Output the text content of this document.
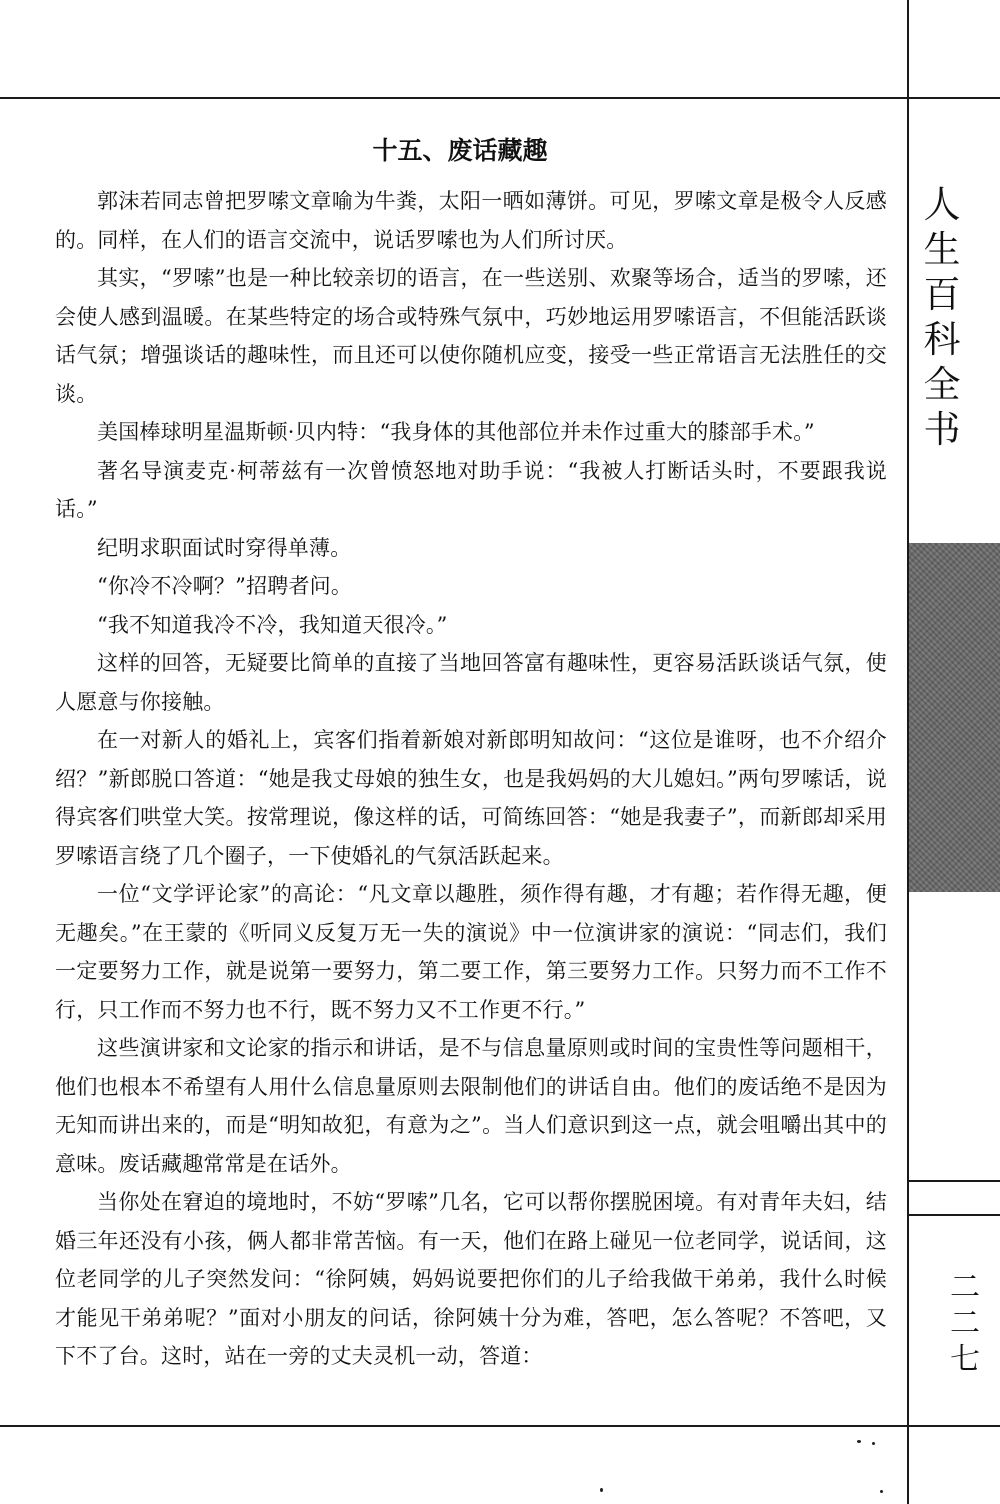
人
生
百
科
全
书
二
二
七
十五、废话藏趣

郭沫若同志曾把罗嗦文章喻为牛粪，太阳一晒如薄饼。可见，罗嗦文章是极令人反感的。同样，在人们的语言交流中，说话罗嗦也为人们所讨厌。

其实，“罗嗦”也是一种比较亲切的语言，在一些送别、欢聚等场合，适当的罗嗦，还会使人感到温暖。在某些特定的场合或特殊气氛中，巧妙地运用罗嗦语言，不但能活跃谈话气氛；增强谈话的趣味性，而且还可以使你随机应变，接受一些正常语言无法胜任的交谈。

美国棒球明星温斯顿·贝内特：“我身体的其他部位并未作过重大的膝部手术。”

著名导演麦克·柯蒂兹有一次曾愤怒地对助手说：“我被人打断话头时，不要跟我说话。”

纪明求职面试时穿得单薄。

“你冷不冷啊？”招聘者问。

“我不知道我冷不冷，我知道天很冷。”

这样的回答，无疑要比简单的直接了当地回答富有趣味性，更容易活跃谈话气氛，使人愿意与你接触。

在一对新人的婚礼上，宾客们指着新娘对新郎明知故问：“这位是谁呀，也不介绍介绍？”新郎脱口答道：“她是我丈母娘的独生女，也是我妈妈的大儿媳妇。”两句罗嗦话，说得宾客们哄堂大笑。按常理说，像这样的话，可简练回答：“她是我妻子”，而新郎却采用罗嗦语言绕了几个圈子，一下使婚礼的气氛活跃起来。

一位“文学评论家”的高论：“凡文章以趣胜，须作得有趣，才有趣；若作得无趣，便无趣矣。”在王蒙的《听同义反复万无一失的演说》中一位演讲家的演说：“同志们，我们一定要努力工作，就是说第一要努力，第二要工作，第三要努力工作。只努力而不工作不行，只工作而不努力也不行，既不努力又不工作更不行。”

这些演讲家和文论家的指示和讲话，是不与信息量原则或时间的宝贵性等问题相干，他们也根本不希望有人用什么信息量原则去限制他们的讲话自由。他们的废话绝不是因为无知而讲出来的，而是“明知故犯，有意为之”。当人们意识到这一点，就会咀嚼出其中的意味。废话藏趣常常是在话外。

当你处在窘迫的境地时，不妨“罗嗦”几名，它可以帮你摆脱困境。有对青年夫妇，结婚三年还没有小孩，俩人都非常苦恼。有一天，他们在路上碰见一位老同学，说话间，这位老同学的儿子突然发问：“徐阿姨，妈妈说要把你们的儿子给我做干弟弟，我什么时候才能见干弟弟呢？”面对小朋友的问话，徐阿姨十分为难，答吧，怎么答呢？不答吧，又下不了台。这时，站在一旁的丈夫灵机一动，答道：
